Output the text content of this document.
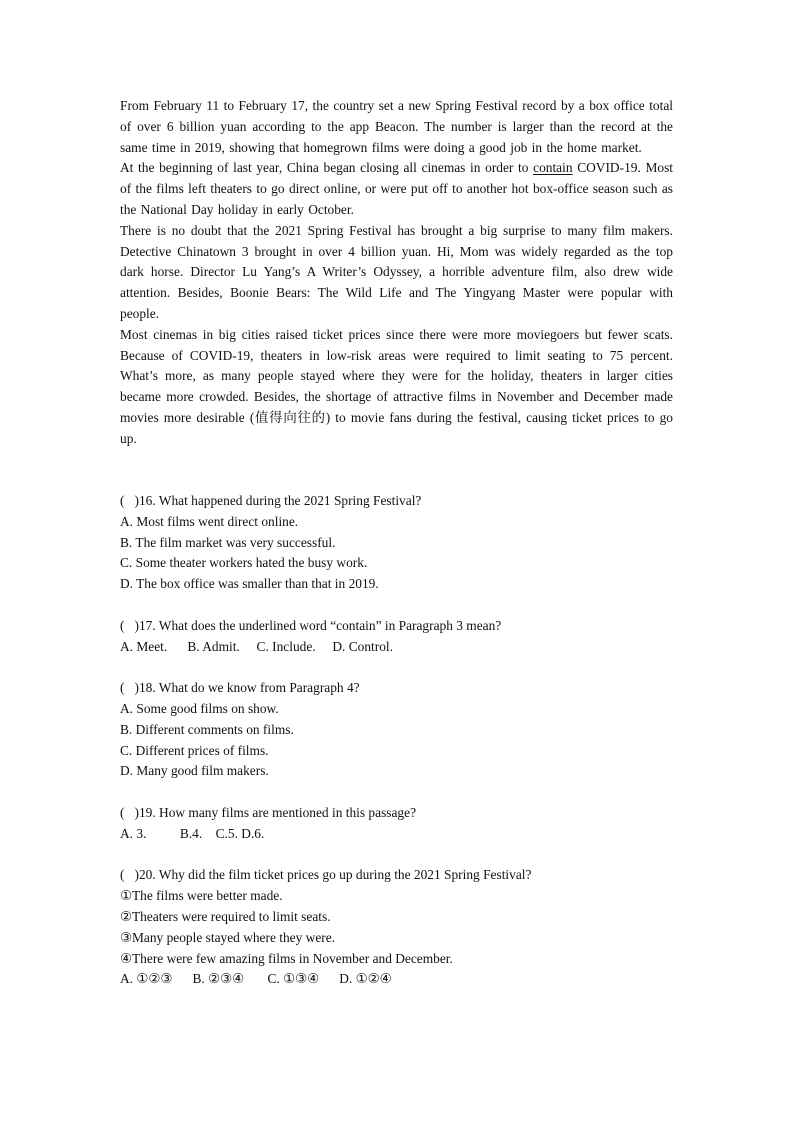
From February 11 to February 17, the country set a new Spring Festival record by a box office total of over 6 billion yuan according to the app Beacon. The number is larger than the record at the same time in 2019, showing that homegrown films were doing a good job in the home market.

At the beginning of last year, China began closing all cinemas in order to contain COVID-19. Most of the films left theaters to go direct online, or were put off to another hot box-office season such as the National Day holiday in early October.

There is no doubt that the 2021 Spring Festival has brought a big surprise to many film makers. Detective Chinatown 3 brought in over 4 billion yuan. Hi, Mom was widely regarded as the top dark horse. Director Lu Yang’s A Writer’s Odyssey, a horrible adventure film, also drew wide attention. Besides, Boonie Bears: The Wild Life and The Yingyang Master were popular with people.

Most cinemas in big cities raised ticket prices since there were more moviegoers but fewer scats. Because of COVID-19, theaters in low-risk areas were required to limit seating to 75 percent. What’s more, as many people stayed where they were for the holiday, theaters in larger cities became more crowded. Besides, the shortage of attractive films in November and December made movies more desirable (值得向往的) to movie fans during the festival, causing ticket prices to go up.

(   )16. What happened during the 2021 Spring Festival?
A. Most films went direct online.
B. The film market was very successful.
C. Some theater workers hated the busy work.
D. The box office was smaller than that in 2019.
(   )17. What does the underlined word “contain” in Paragraph 3 mean?
A. Meet.      B. Admit.     C. Include.     D. Control.
(   )18. What do we know from Paragraph 4?
A. Some good films on show.
B. Different comments on films.
C. Different prices of films.
D. Many good film makers.
(   )19. How many films are mentioned in this passage?
A. 3.          B.4.    C.5. D.6.
(   )20. Why did the film ticket prices go up during the 2021 Spring Festival?
①The films were better made.
②Theaters were required to limit seats.
③Many people stayed where they were.
④There were few amazing films in November and December.
A. ①②③      B. ②③④       C. ①③④      D. ①②④
